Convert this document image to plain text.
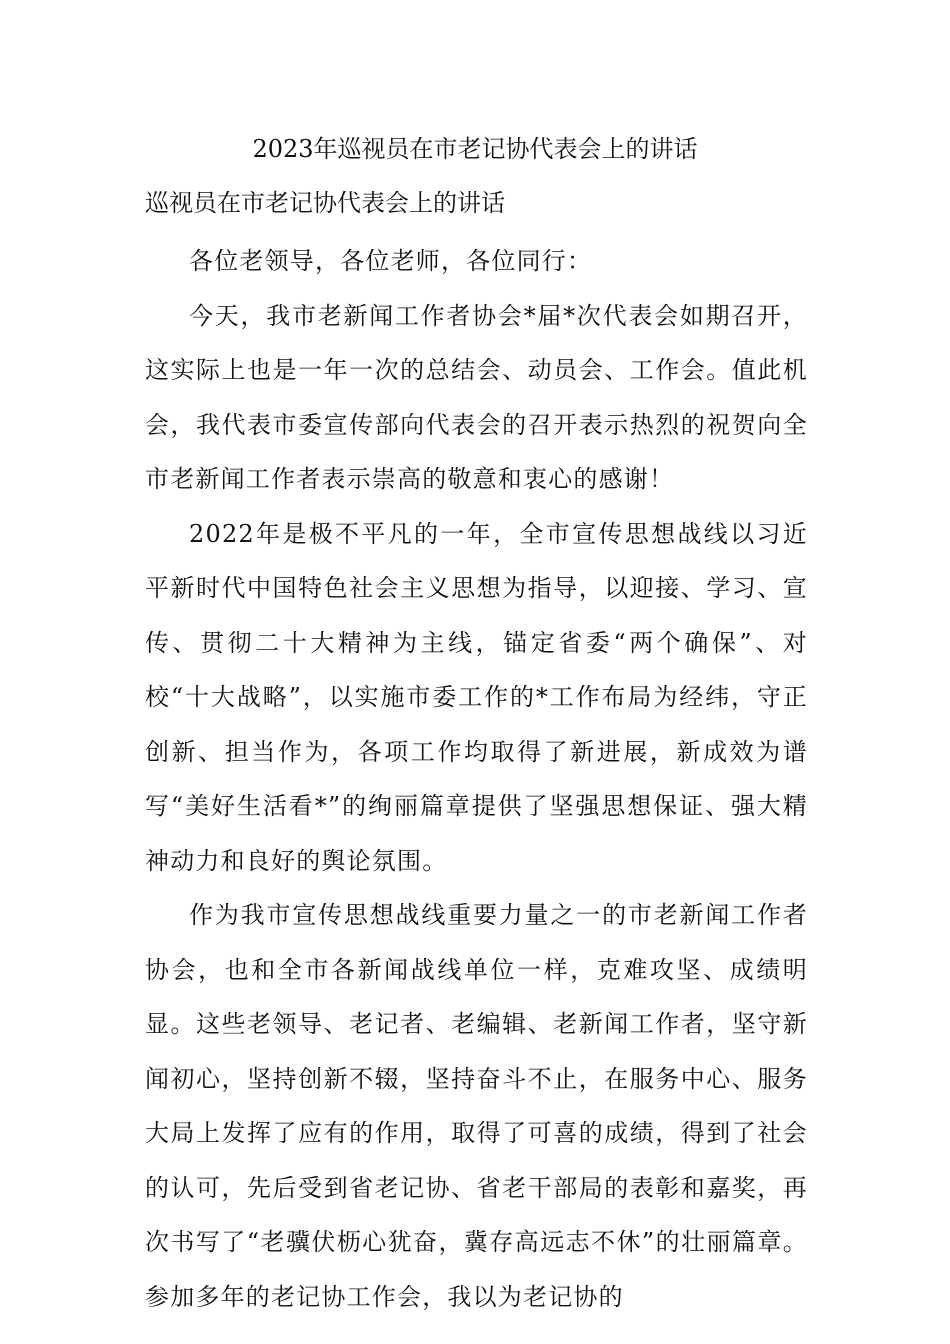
2023年巡视员在市老记协代表会上的讲话
巡视员在市老记协代表会上的讲话

各位老领导，各位老师，各位同行：

今天，我市老新闻工作者协会*届*次代表会如期召开，这实际上也是一年一次的总结会、动员会、工作会。值此机会，我代表市委宣传部向代表会的召开表示热烈的祝贺向全市老新闻工作者表示崇高的敬意和衷心的感谢！

2022年是极不平凡的一年，全市宣传思想战线以习近平新时代中国特色社会主义思想为指导，以迎接、学习、宣传、贯彻二十大精神为主线，锚定省委“两个确保”、对校“十大战略”，以实施市委工作的*工作布局为经纬，守正创新、担当作为，各项工作均取得了新进展，新成效为谱写“美好生活看*”的绚丽篇章提供了坚强思想保证、强大精神动力和良好的舆论氛围。

作为我市宣传思想战线重要力量之一的市老新闻工作者协会，也和全市各新闻战线单位一样，克难攻坚、成绩明显。这些老领导、老记者、老编辑、老新闻工作者，坚守新闻初心，坚持创新不辍，坚持奋斗不止，在服务中心、服务大局上发挥了应有的作用，取得了可喜的成绩，得到了社会的认可，先后受到省老记协、省老干部局的表彰和嘉奖，再次书写了“老骥伏枥心犹奋，冀存高远志不休”的壮丽篇章。参加多年的老记协工作会，我以为老记协的
